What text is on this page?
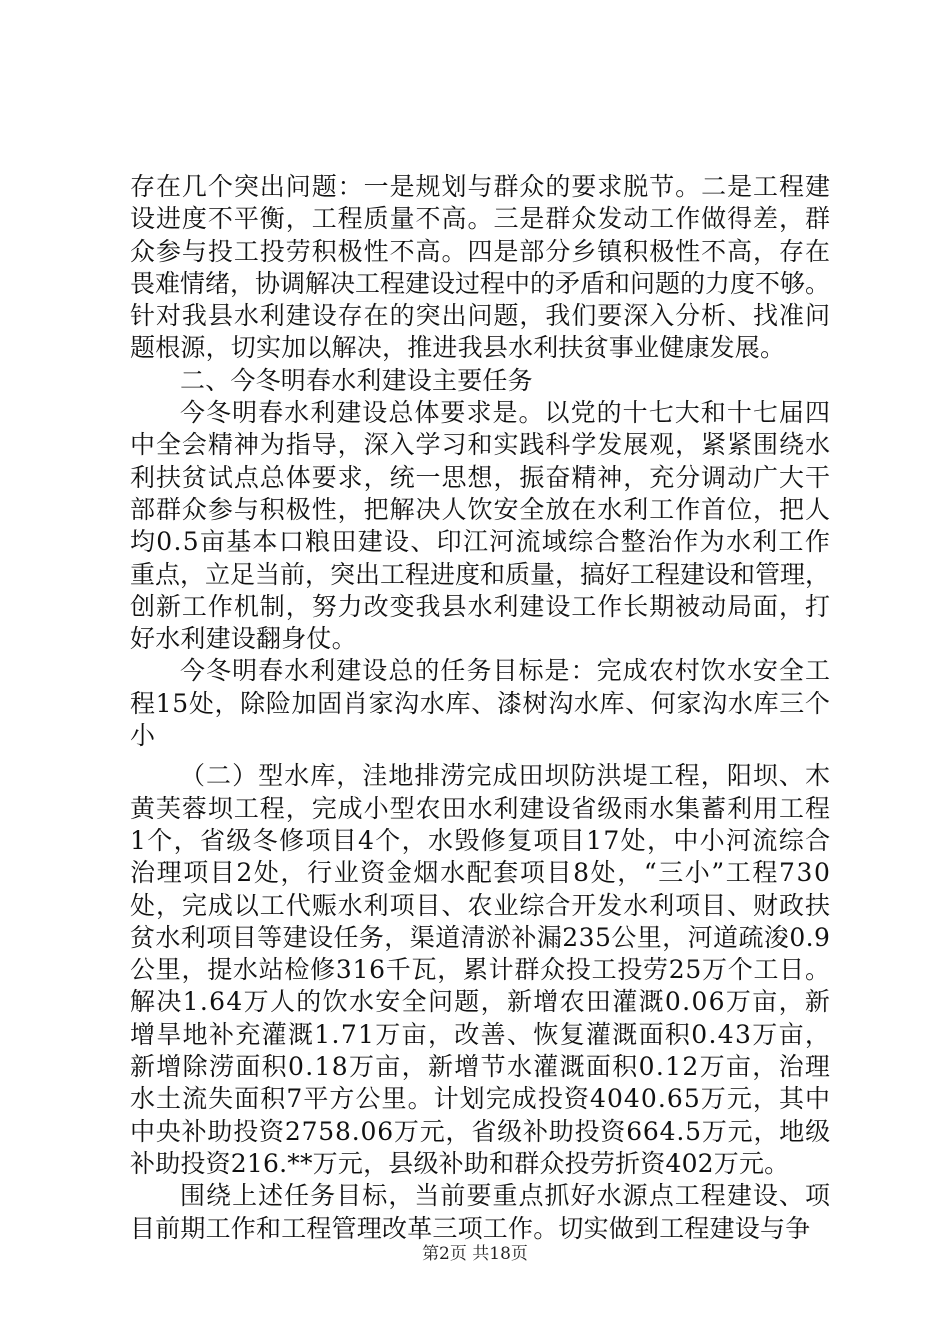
存在几个突出问题：一是规划与群众的要求脱节。二是工程建
设进度不平衡，工程质量不高。三是群众发动工作做得差，群
众参与投工投劳积极性不高。四是部分乡镇积极性不高，存在
畏难情绪，协调解决工程建设过程中的矛盾和问题的力度不够。
针对我县水利建设存在的突出问题，我们要深入分析、找准问
题根源，切实加以解决，推进我县水利扶贫事业健康发展。
二、今冬明春水利建设主要任务
今冬明春水利建设总体要求是。以党的十七大和十七届四
中全会精神为指导，深入学习和实践科学发展观，紧紧围绕水
利扶贫试点总体要求，统一思想，振奋精神，充分调动广大干
部群众参与积极性，把解决人饮安全放在水利工作首位，把人
均0.5亩基本口粮田建设、印江河流域综合整治作为水利工作
重点，立足当前，突出工程进度和质量，搞好工程建设和管理，
创新工作机制，努力改变我县水利建设工作长期被动局面，打
好水利建设翻身仗。
今冬明春水利建设总的任务目标是：完成农村饮水安全工
程15处，除险加固肖家沟水库、漆树沟水库、何家沟水库三个
小
（二）型水库，洼地排涝完成田坝防洪堤工程，阳坝、木
黄芙蓉坝工程，完成小型农田水利建设省级雨水集蓄利用工程
1个，省级冬修项目4个，水毁修复项目17处，中小河流综合
治理项目2处，行业资金烟水配套项目8处，“三小”工程730
处，完成以工代赈水利项目、农业综合开发水利项目、财政扶
贫水利项目等建设任务，渠道清淤补漏235公里，河道疏浚0.9
公里，提水站检修316千瓦，累计群众投工投劳25万个工日。
解决1.64万人的饮水安全问题，新增农田灌溉0.06万亩，新
增旱地补充灌溉1.71万亩，改善、恢复灌溉面积0.43万亩，
新增除涝面积0.18万亩，新增节水灌溉面积0.12万亩，治理
水土流失面积7平方公里。计划完成投资4040.65万元，其中
中央补助投资2758.06万元，省级补助投资664.5万元，地级
补助投资216.**万元，县级补助和群众投劳折资402万元。
围绕上述任务目标，当前要重点抓好水源点工程建设、项
目前期工作和工程管理改革三项工作。切实做到工程建设与争
第2页 共18页
